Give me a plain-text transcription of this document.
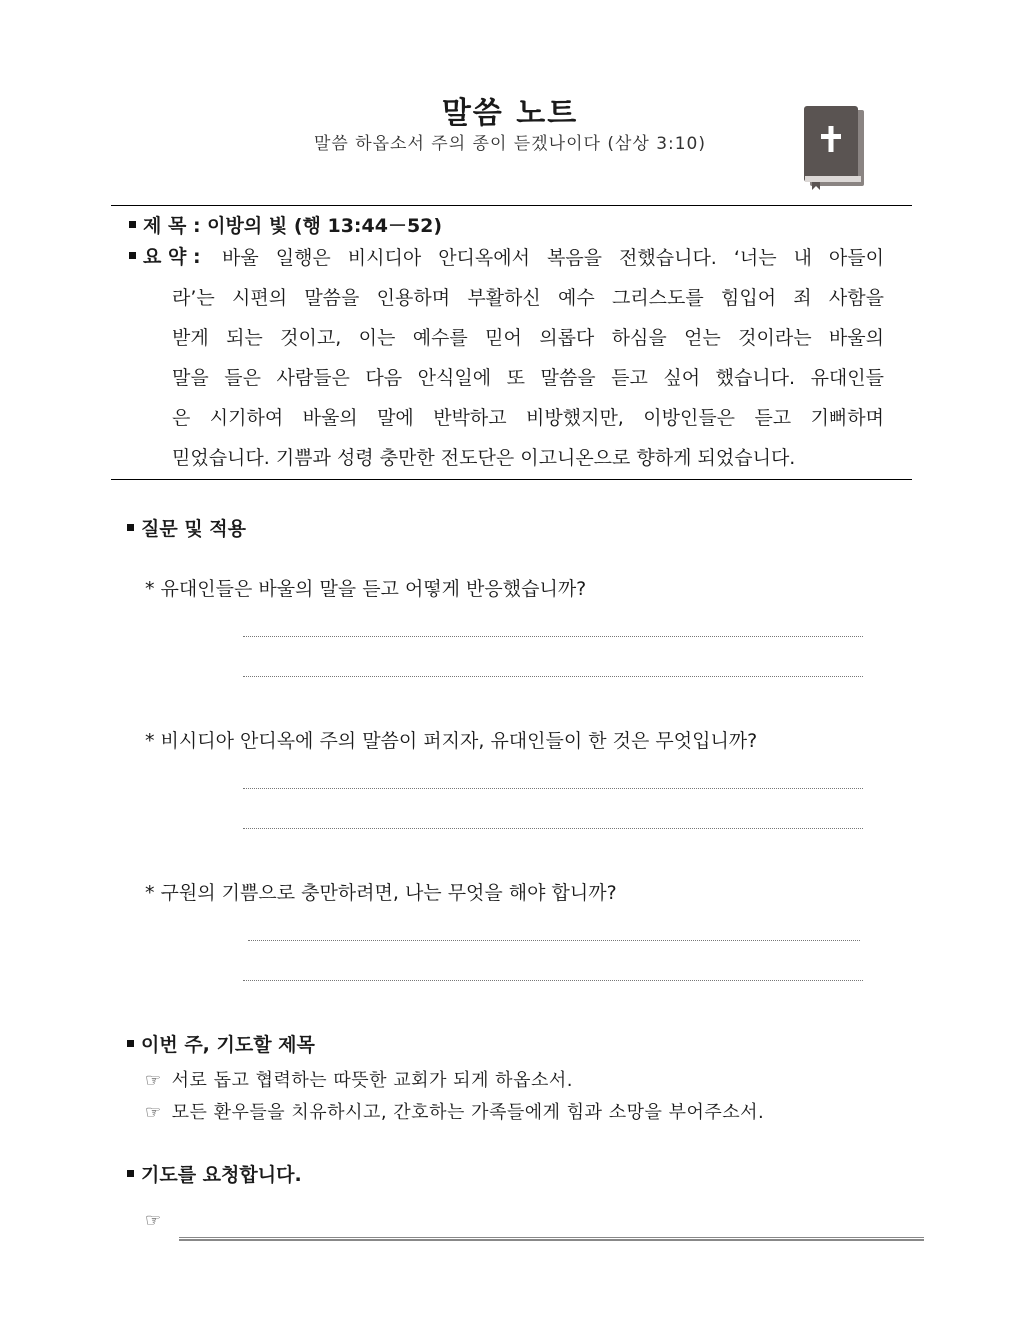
말씀 노트
말씀 하옵소서 주의 종이 듣겠나이다 (삼상 3:10)
제 목 : 이방의 빛 (행 13:44－52)
요 약 : 바울 일행은 비시디아 안디옥에서 복음을 전했습니다. ‘너는 내 아들이
라’는 시편의 말씀을 인용하며 부활하신 예수 그리스도를 힘입어 죄 사함을
받게 되는 것이고, 이는 예수를 믿어 의롭다 하심을 얻는 것이라는 바울의
말을 들은 사람들은 다음 안식일에 또 말씀을 듣고 싶어 했습니다. 유대인들
은 시기하여 바울의 말에 반박하고 비방했지만, 이방인들은 듣고 기뻐하며
믿었습니다. 기쁨과 성령 충만한 전도단은 이고니온으로 향하게 되었습니다.
질문 및 적용
* 유대인들은 바울의 말을 듣고 어떻게 반응했습니까?
* 비시디아 안디옥에 주의 말씀이 퍼지자, 유대인들이 한 것은 무엇입니까?
* 구원의 기쁨으로 충만하려면, 나는 무엇을 해야 합니까?
이번 주, 기도할 제목
☞ 서로 돕고 협력하는 따뜻한 교회가 되게 하옵소서.
☞ 모든 환우들을 치유하시고, 간호하는 가족들에게 힘과 소망을 부어주소서.
기도를 요청합니다.
☞
